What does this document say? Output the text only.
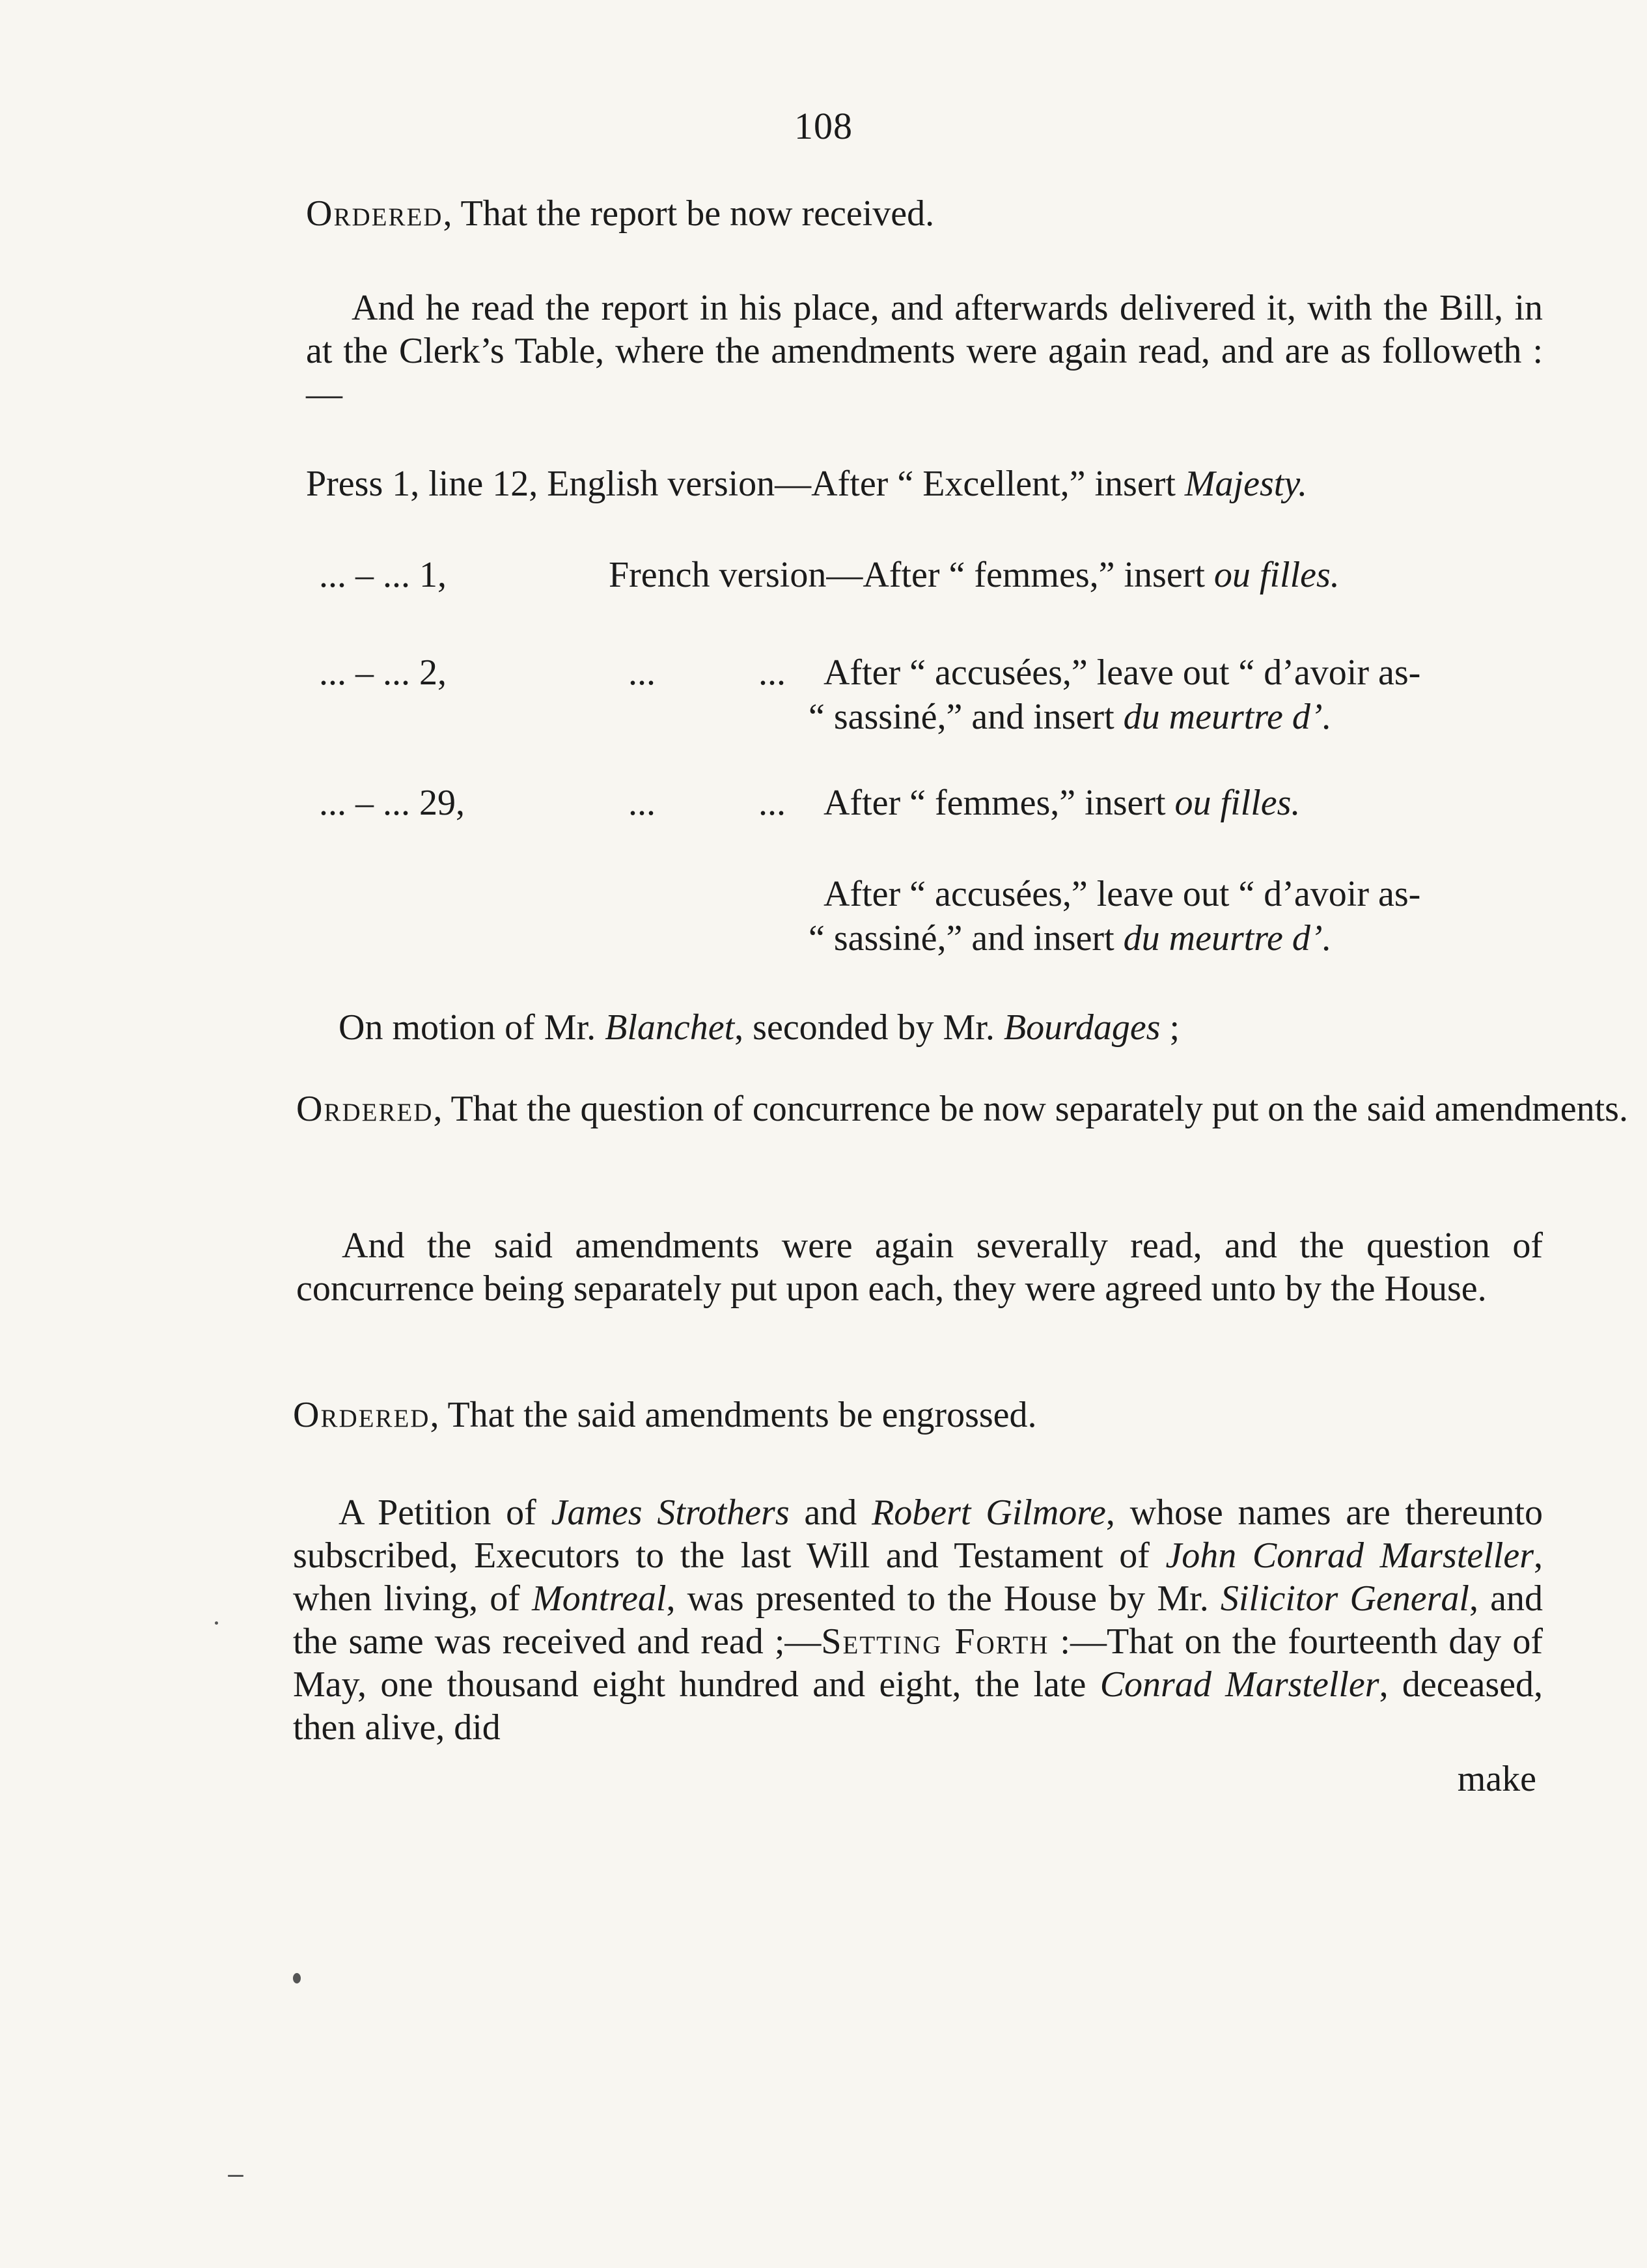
108
Ordered, That the report be now received.
And he read the report in his place, and afterwards delivered it, with the Bill, in at the Clerk’s Table, where the amendments were again read, and are as followeth :—
Press 1, line 12, English version—After “ Excellent,” insert Majesty.
... – ... 1,	French version—After “ femmes,” insert ou filles.
... – ... 2,	...	... After “ accusées,” leave out “ d’avoir as-
“ sassiné,” and insert du meurtre d’.
... – ... 29,	...	... After “ femmes,” insert ou filles.
After “ accusées,” leave out “ d’avoir as-
“ sassiné,” and insert du meurtre d’.
On motion of Mr. Blanchet, seconded by Mr. Bourdages ;
Ordered, That the question of concurrence be now separately put on the said amendments.
And the said amendments were again severally read, and the question of concurrence being separately put upon each, they were agreed unto by the House.
Ordered, That the said amendments be engrossed.
A Petition of James Strothers and Robert Gilmore, whose names are thereunto subscribed, Executors to the last Will and Testament of John Conrad Marsteller, when living, of Montreal, was presented to the House by Mr. Silicitor General, and the same was received and read ;—Setting Forth :—That on the fourteenth day of May, one thousand eight hundred and eight, the late Conrad Marsteller, deceased, then alive, did
make
